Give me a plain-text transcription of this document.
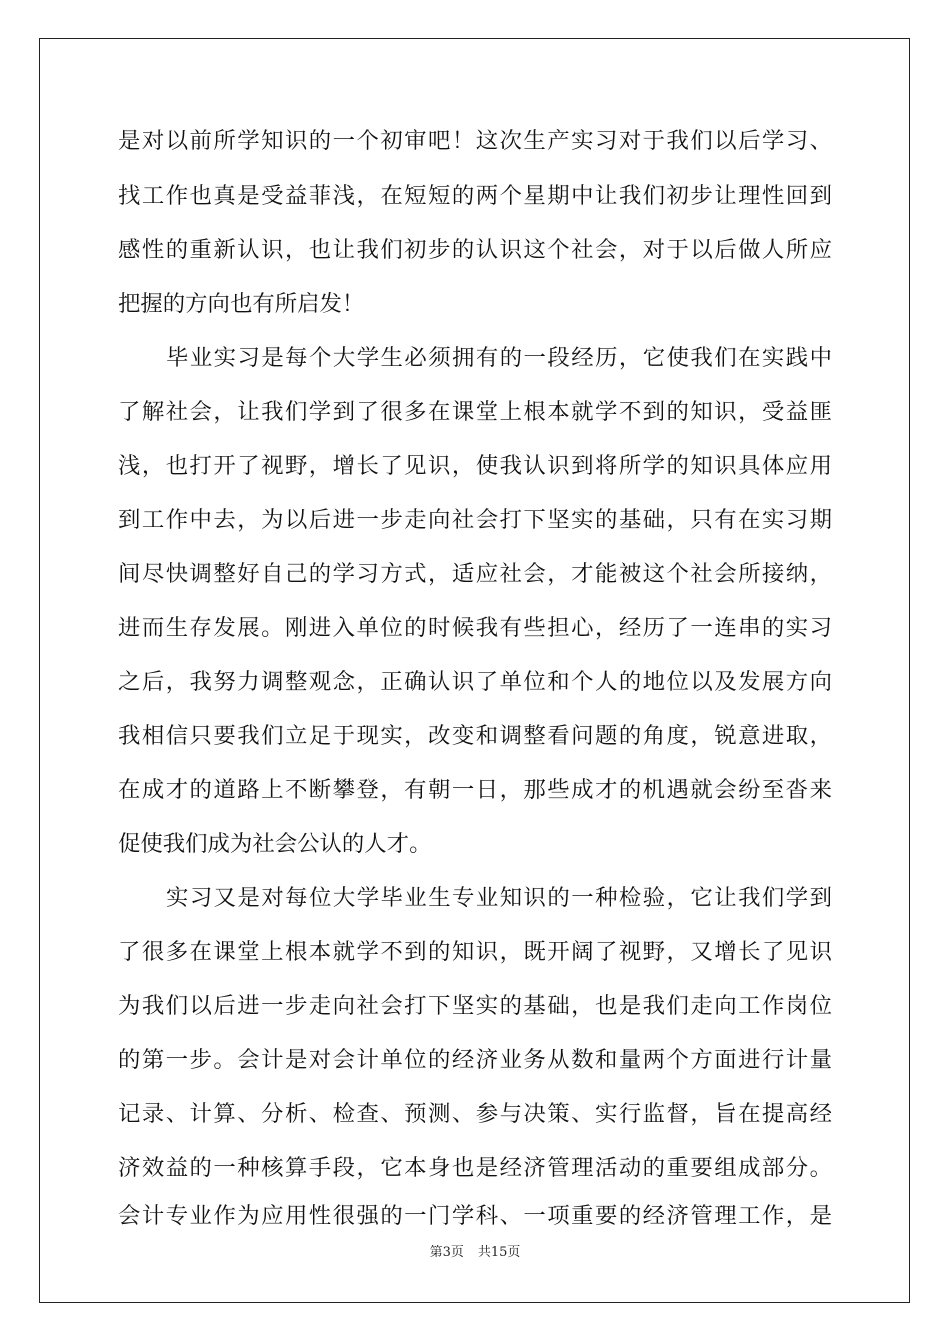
是对以前所学知识的一个初审吧！这次生产实习对于我们以后学习、
找工作也真是受益菲浅，在短短的两个星期中让我们初步让理性回到
感性的重新认识，也让我们初步的认识这个社会，对于以后做人所应
把握的方向也有所启发！
毕业实习是每个大学生必须拥有的一段经历，它使我们在实践中
了解社会，让我们学到了很多在课堂上根本就学不到的知识，受益匪
浅，也打开了视野，增长了见识，使我认识到将所学的知识具体应用
到工作中去，为以后进一步走向社会打下坚实的基础，只有在实习期
间尽快调整好自己的学习方式，适应社会，才能被这个社会所接纳，
进而生存发展。刚进入单位的时候我有些担心，经历了一连串的实习
之后，我努力调整观念，正确认识了单位和个人的地位以及发展方向
我相信只要我们立足于现实，改变和调整看问题的角度，锐意进取，
在成才的道路上不断攀登，有朝一日，那些成才的机遇就会纷至沓来
促使我们成为社会公认的人才。
实习又是对每位大学毕业生专业知识的一种检验，它让我们学到
了很多在课堂上根本就学不到的知识，既开阔了视野，又增长了见识
为我们以后进一步走向社会打下坚实的基础，也是我们走向工作岗位
的第一步。会计是对会计单位的经济业务从数和量两个方面进行计量
记录、计算、分析、检查、预测、参与决策、实行监督，旨在提高经
济效益的一种核算手段，它本身也是经济管理活动的重要组成部分。
会计专业作为应用性很强的一门学科、一项重要的经济管理工作，是
第3页 共15页
